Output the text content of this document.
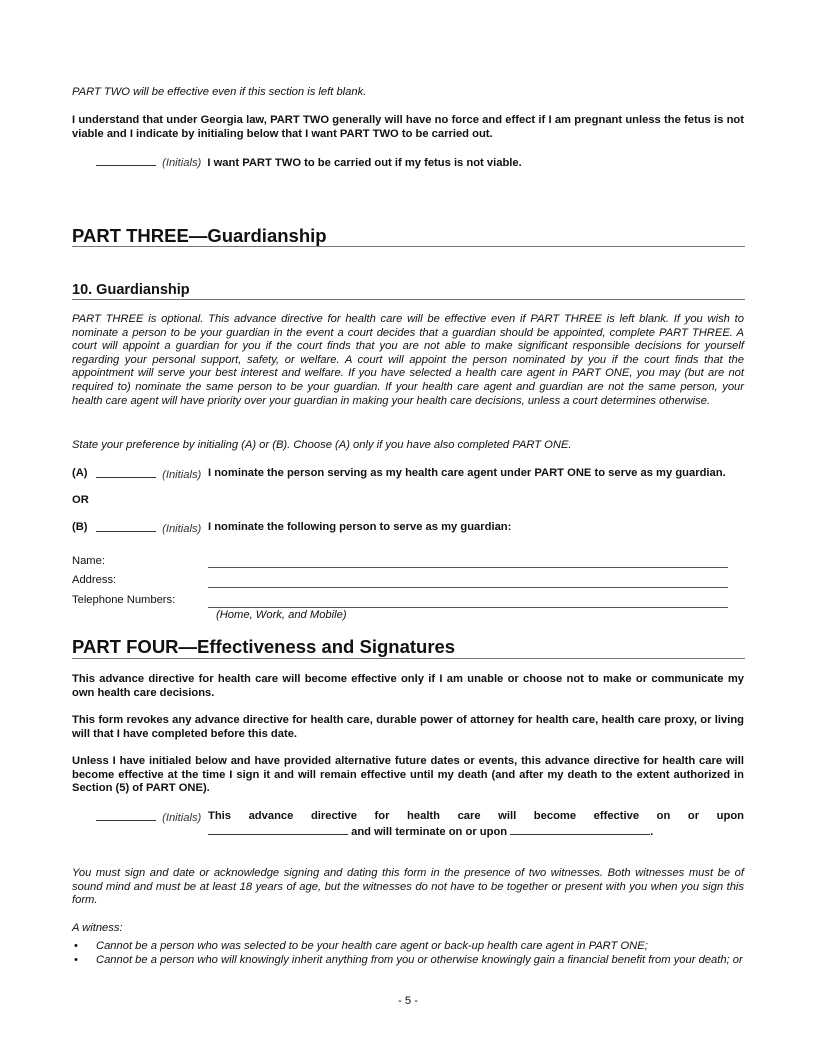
PART TWO will be effective even if this section is left blank.
I understand that under Georgia law, PART TWO generally will have no force and effect if I am pregnant unless the fetus is not viable and I indicate by initialing below that I want PART TWO to be carried out.
(Initials) I want PART TWO to be carried out if my fetus is not viable.
PART THREE—Guardianship
10. Guardianship
PART THREE is optional. This advance directive for health care will be effective even if PART THREE is left blank. If you wish to nominate a person to be your guardian in the event a court decides that a guardian should be appointed, complete PART THREE. A court will appoint a guardian for you if the court finds that you are not able to make significant responsible decisions for yourself regarding your personal support, safety, or welfare. A court will appoint the person nominated by you if the court finds that the appointment will serve your best interest and welfare. If you have selected a health care agent in PART ONE, you may (but are not required to) nominate the same person to be your guardian. If your health care agent and guardian are not the same person, your health care agent will have priority over your guardian in making your health care decisions, unless a court determines otherwise.
State your preference by initialing (A) or (B). Choose (A) only if you have also completed PART ONE.
(A)	(Initials) I nominate the person serving as my health care agent under PART ONE to serve as my guardian.
OR
(B)	(Initials) I nominate the following person to serve as my guardian:
Name:
Address:
Telephone Numbers:
(Home, Work, and Mobile)
PART FOUR—Effectiveness and Signatures
This advance directive for health care will become effective only if I am unable or choose not to make or communicate my own health care decisions.
This form revokes any advance directive for health care, durable power of attorney for health care, health care proxy, or living will that I have completed before this date.
Unless I have initialed below and have provided alternative future dates or events, this advance directive for health care will become effective at the time I sign it and will remain effective until my death (and after my death to the extent authorized in Section (5) of PART ONE).
(Initials) This advance directive for health care will become effective on or upon
and will terminate on or upon	.
You must sign and date or acknowledge signing and dating this form in the presence of two witnesses. Both witnesses must be of sound mind and must be at least 18 years of age, but the witnesses do not have to be together or present with you when you sign this form.
A witness:
• Cannot be a person who was selected to be your health care agent or back-up health care agent in PART ONE;
• Cannot be a person who will knowingly inherit anything from you or otherwise knowingly gain a financial benefit from your death; or
- 5 -
